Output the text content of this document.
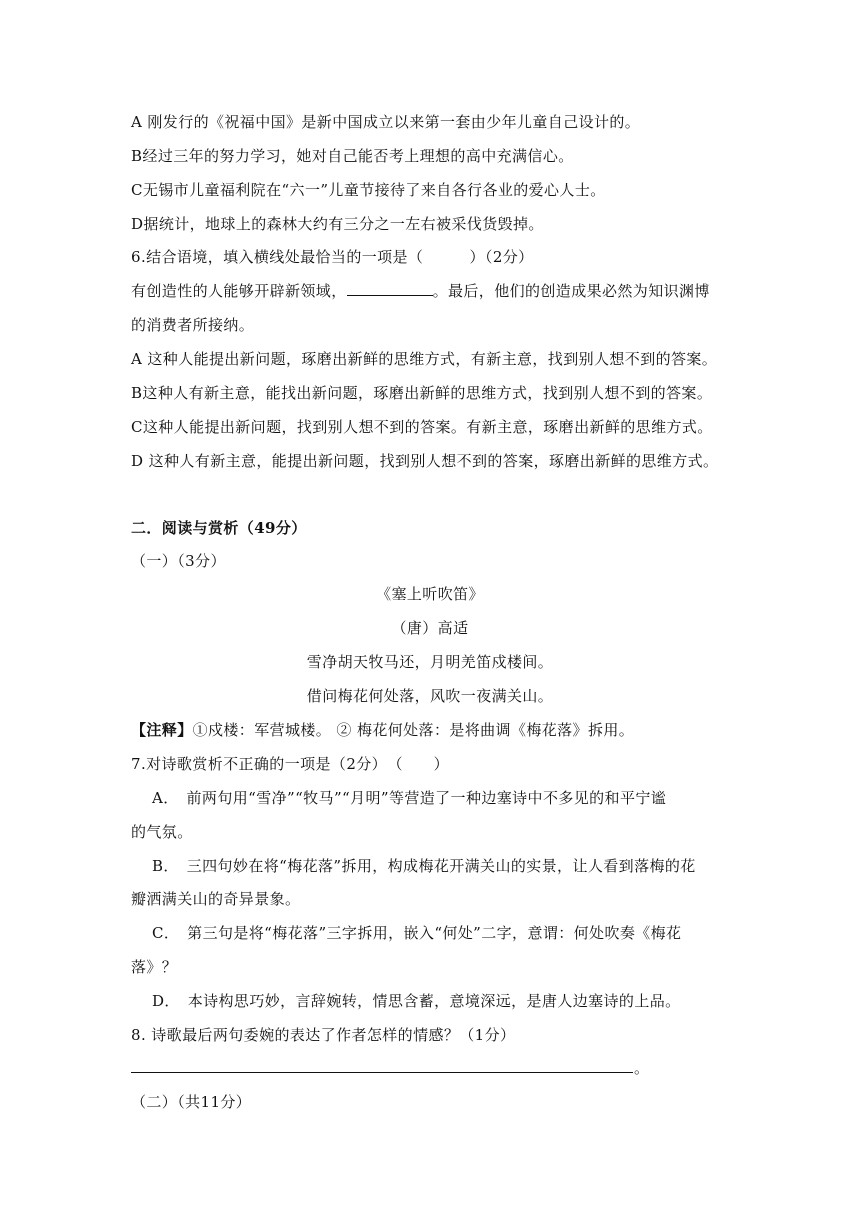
A 刚发行的《祝福中国》是新中国成立以来第一套由少年儿童自己设计的。
B经过三年的努力学习，她对自己能否考上理想的高中充满信心。
C无锡市儿童福利院在“六一”儿童节接待了来自各行各业的爱心人士。
D据统计，地球上的森林大约有三分之一左右被采伐货毁掉。
6.结合语境，填入横线处最恰当的一项是（　　　）（2分）
有创造性的人能够开辟新领域，	。最后，他们的创造成果必然为知识渊博
的消费者所接纳。
A 这种人能提出新问题，琢磨出新鲜的思维方式，有新主意，找到别人想不到的答案。
B这种人有新主意，能找出新问题，琢磨出新鲜的思维方式，找到别人想不到的答案。
C这种人能提出新问题，找到别人想不到的答案。有新主意，琢磨出新鲜的思维方式。
D 这种人有新主意，能提出新问题，找到别人想不到的答案，琢磨出新鲜的思维方式。
二．阅读与赏析（49分）
（一）（3分）
《塞上听吹笛》
（唐）高适
雪净胡天牧马还，月明羌笛戍楼间。
借问梅花何处落，风吹一夜满关山。
【注释】①戍楼：军营城楼。 ② 梅花何处落：是将曲调《梅花落》拆用。
7.对诗歌赏析不正确的一项是（2分）　（　　）
A．　前两句用“雪净”“牧马”“月明”等营造了一种边塞诗中不多见的和平宁谧
的气氛。
B．　三四句妙在将“梅花落”拆用，构成梅花开满关山的实景，让人看到落梅的花
瓣洒满关山的奇异景象。
C．　第三句是将“梅花落”三字拆用，嵌入“何处”二字，意谓：何处吹奏《梅花
落》？
D．　本诗构思巧妙，言辞婉转，情思含蓄，意境深远，是唐人边塞诗的上品。
8. 诗歌最后两句委婉的表达了作者怎样的情感？（1分）
。
（二）（共11分）
